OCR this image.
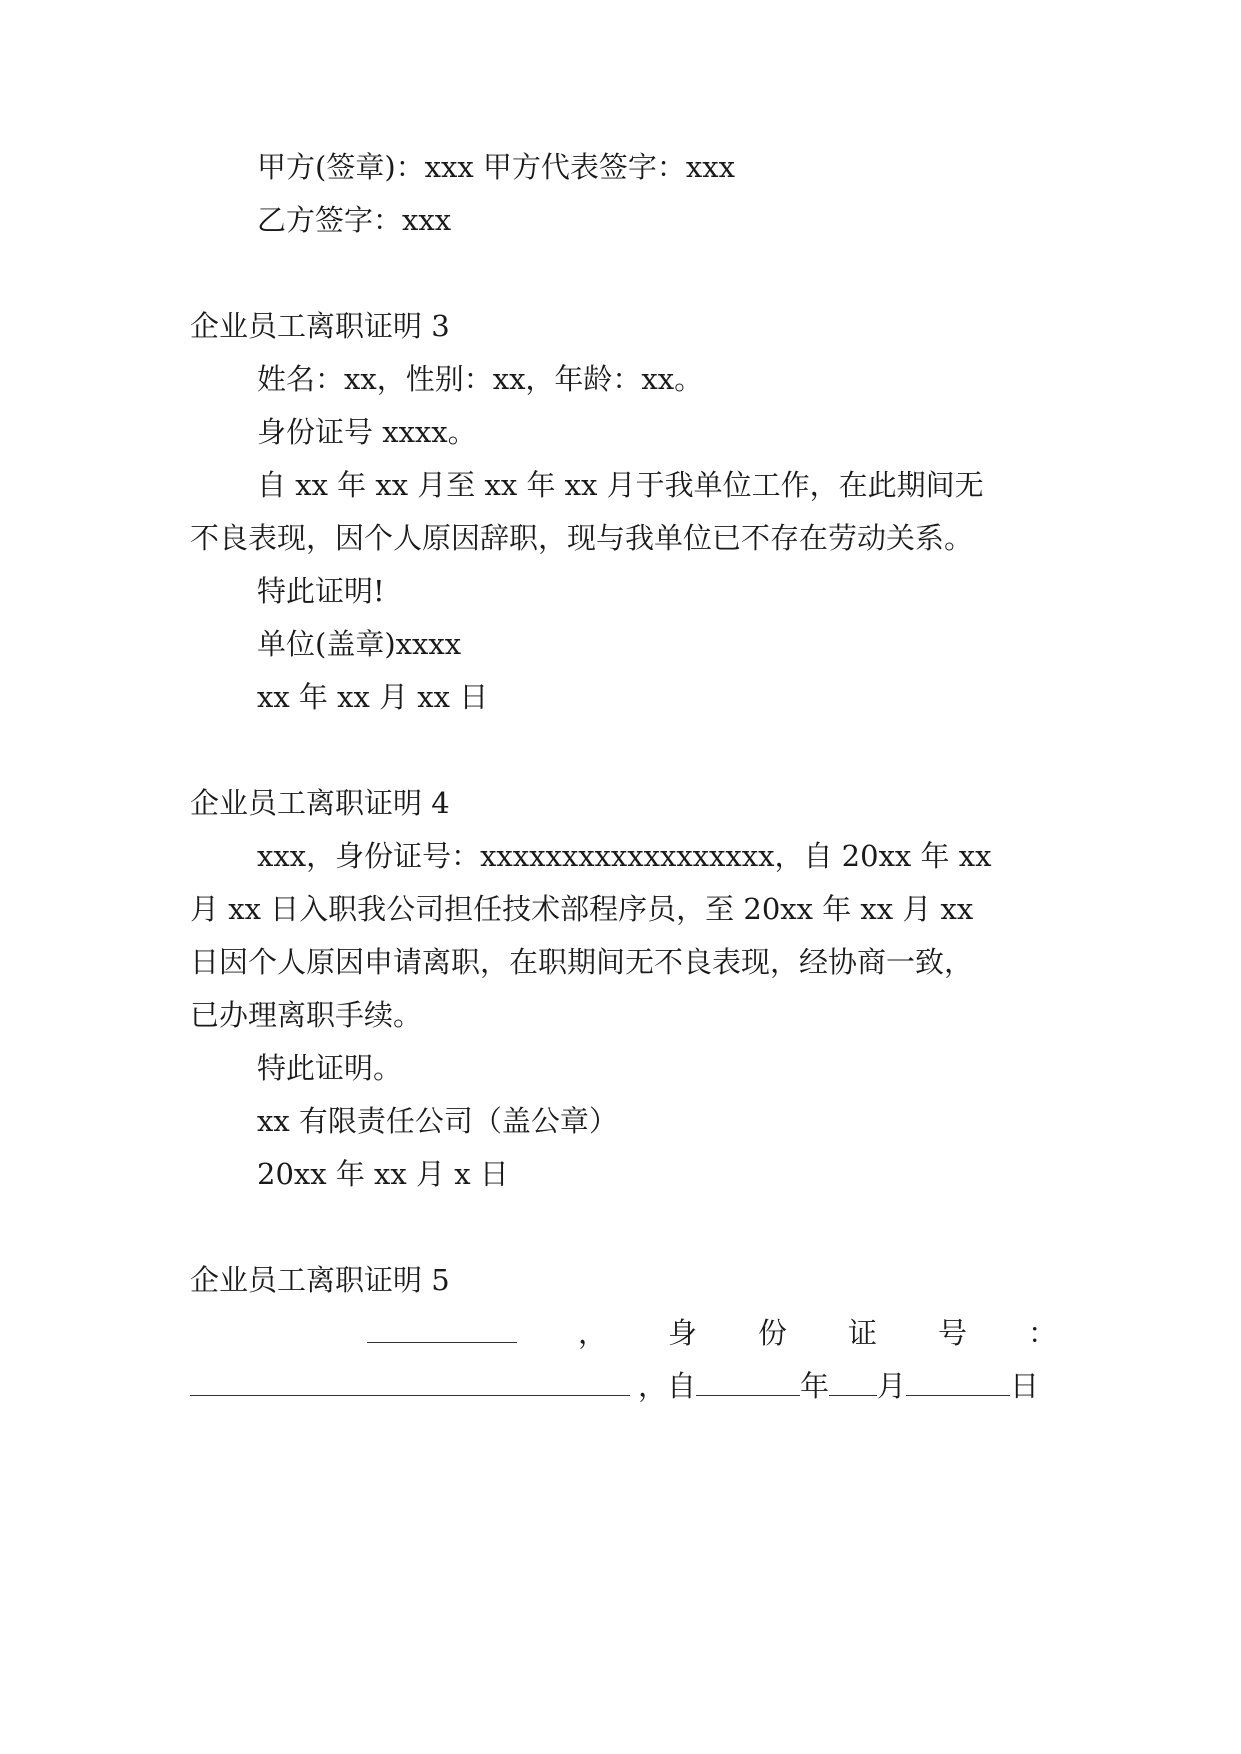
甲方(签章)：xxx 甲方代表签字：xxx
乙方签字：xxx
企业员工离职证明 3
姓名：xx，性别：xx，年龄：xx。
身份证号 xxxx。
自 xx 年 xx 月至 xx 年 xx 月于我单位工作，在此期间无
不良表现，因个人原因辞职，现与我单位已不存在劳动关系。
特此证明!
单位(盖章)xxxx
xx 年 xx 月 xx 日
企业员工离职证明 4
xxx，身份证号：xxxxxxxxxxxxxxxxxx，自 20xx 年 xx
月 xx 日入职我公司担任技术部程序员，至 20xx 年 xx 月 xx
日因个人原因申请离职，在职期间无不良表现，经协商一致，
已办理离职手续。
特此证明。
xx 有限责任公司（盖公章）
20xx 年 xx 月 x 日
企业员工离职证明 5
， 身 份 证 号 ：
，自	年 月	日
